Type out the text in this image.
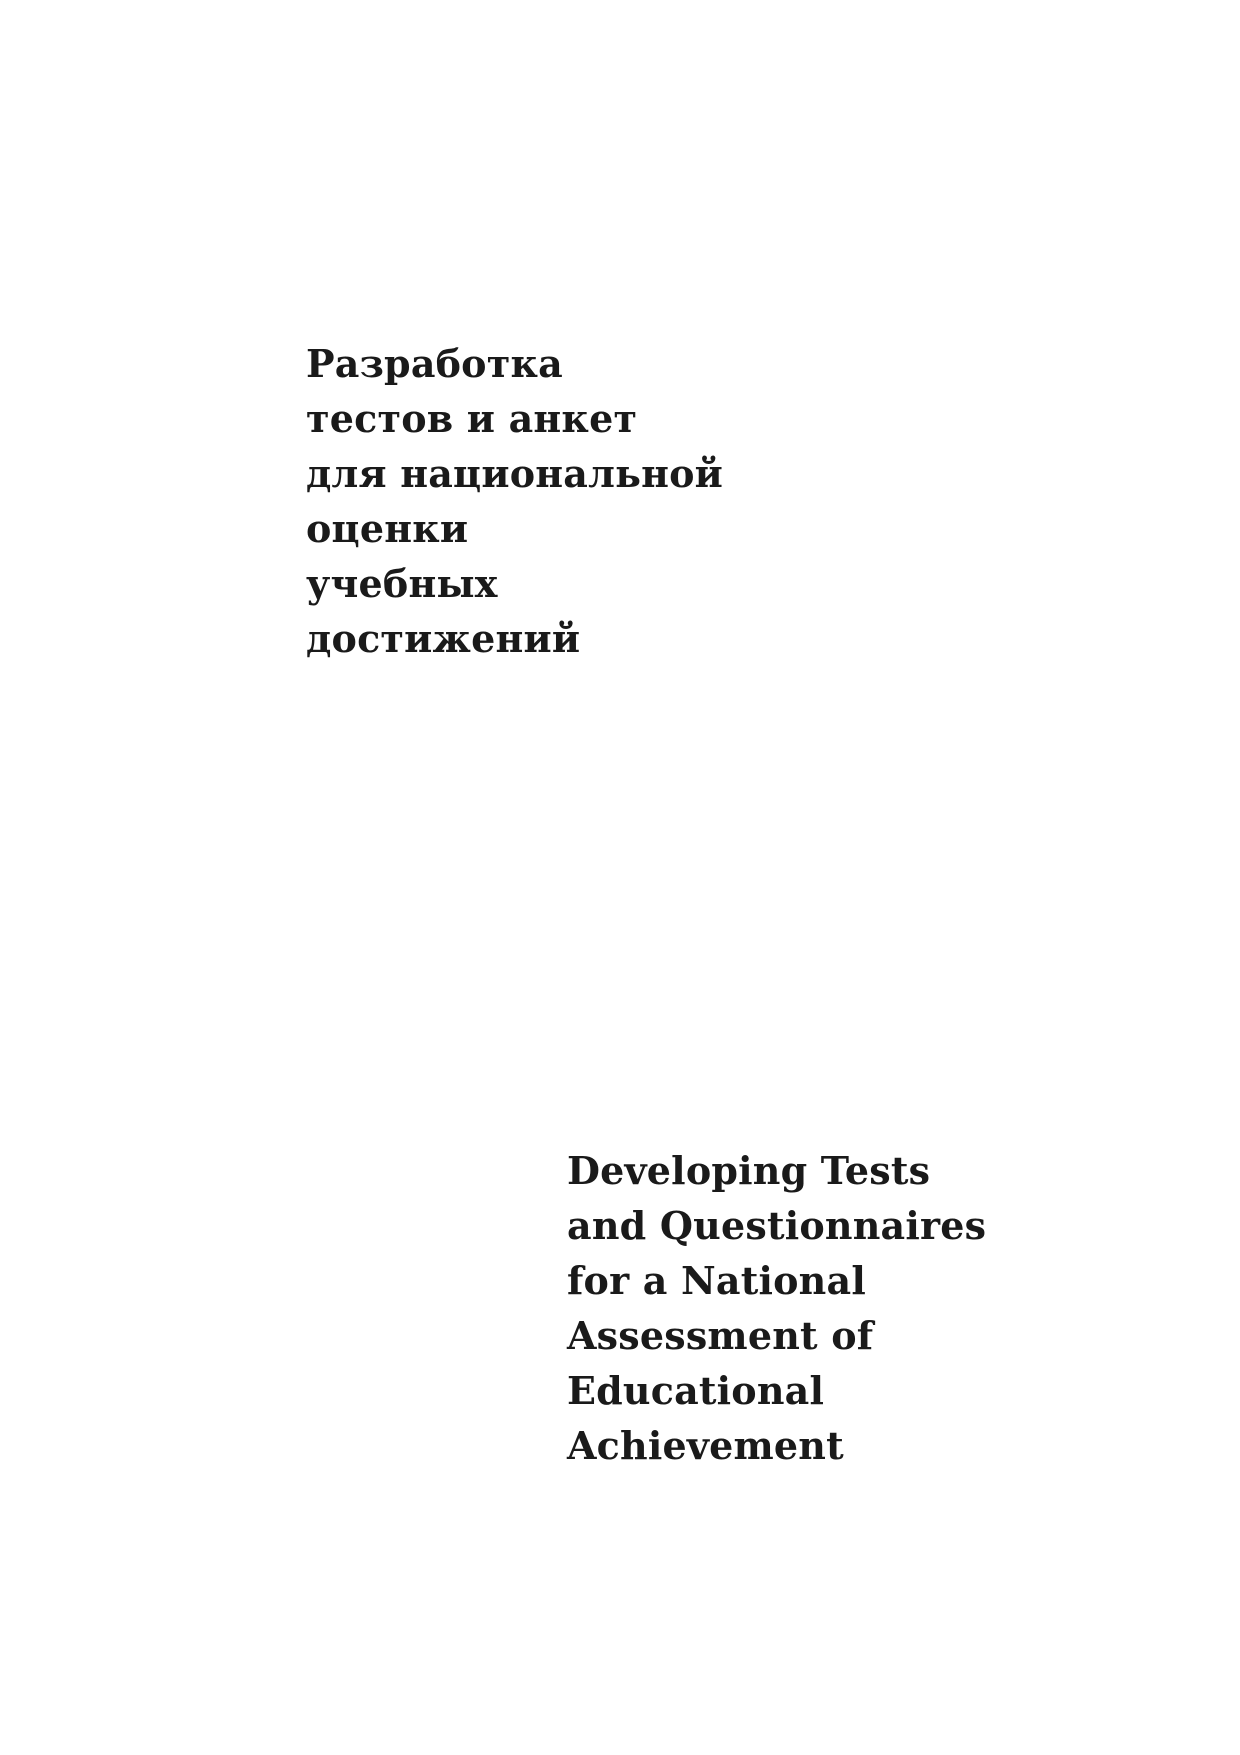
Разработка
тестов и анкет
для национальной
оценки
учебных
достижений
Developing Tests
and Questionnaires
for a National
Assessment of
Educational
Achievement
